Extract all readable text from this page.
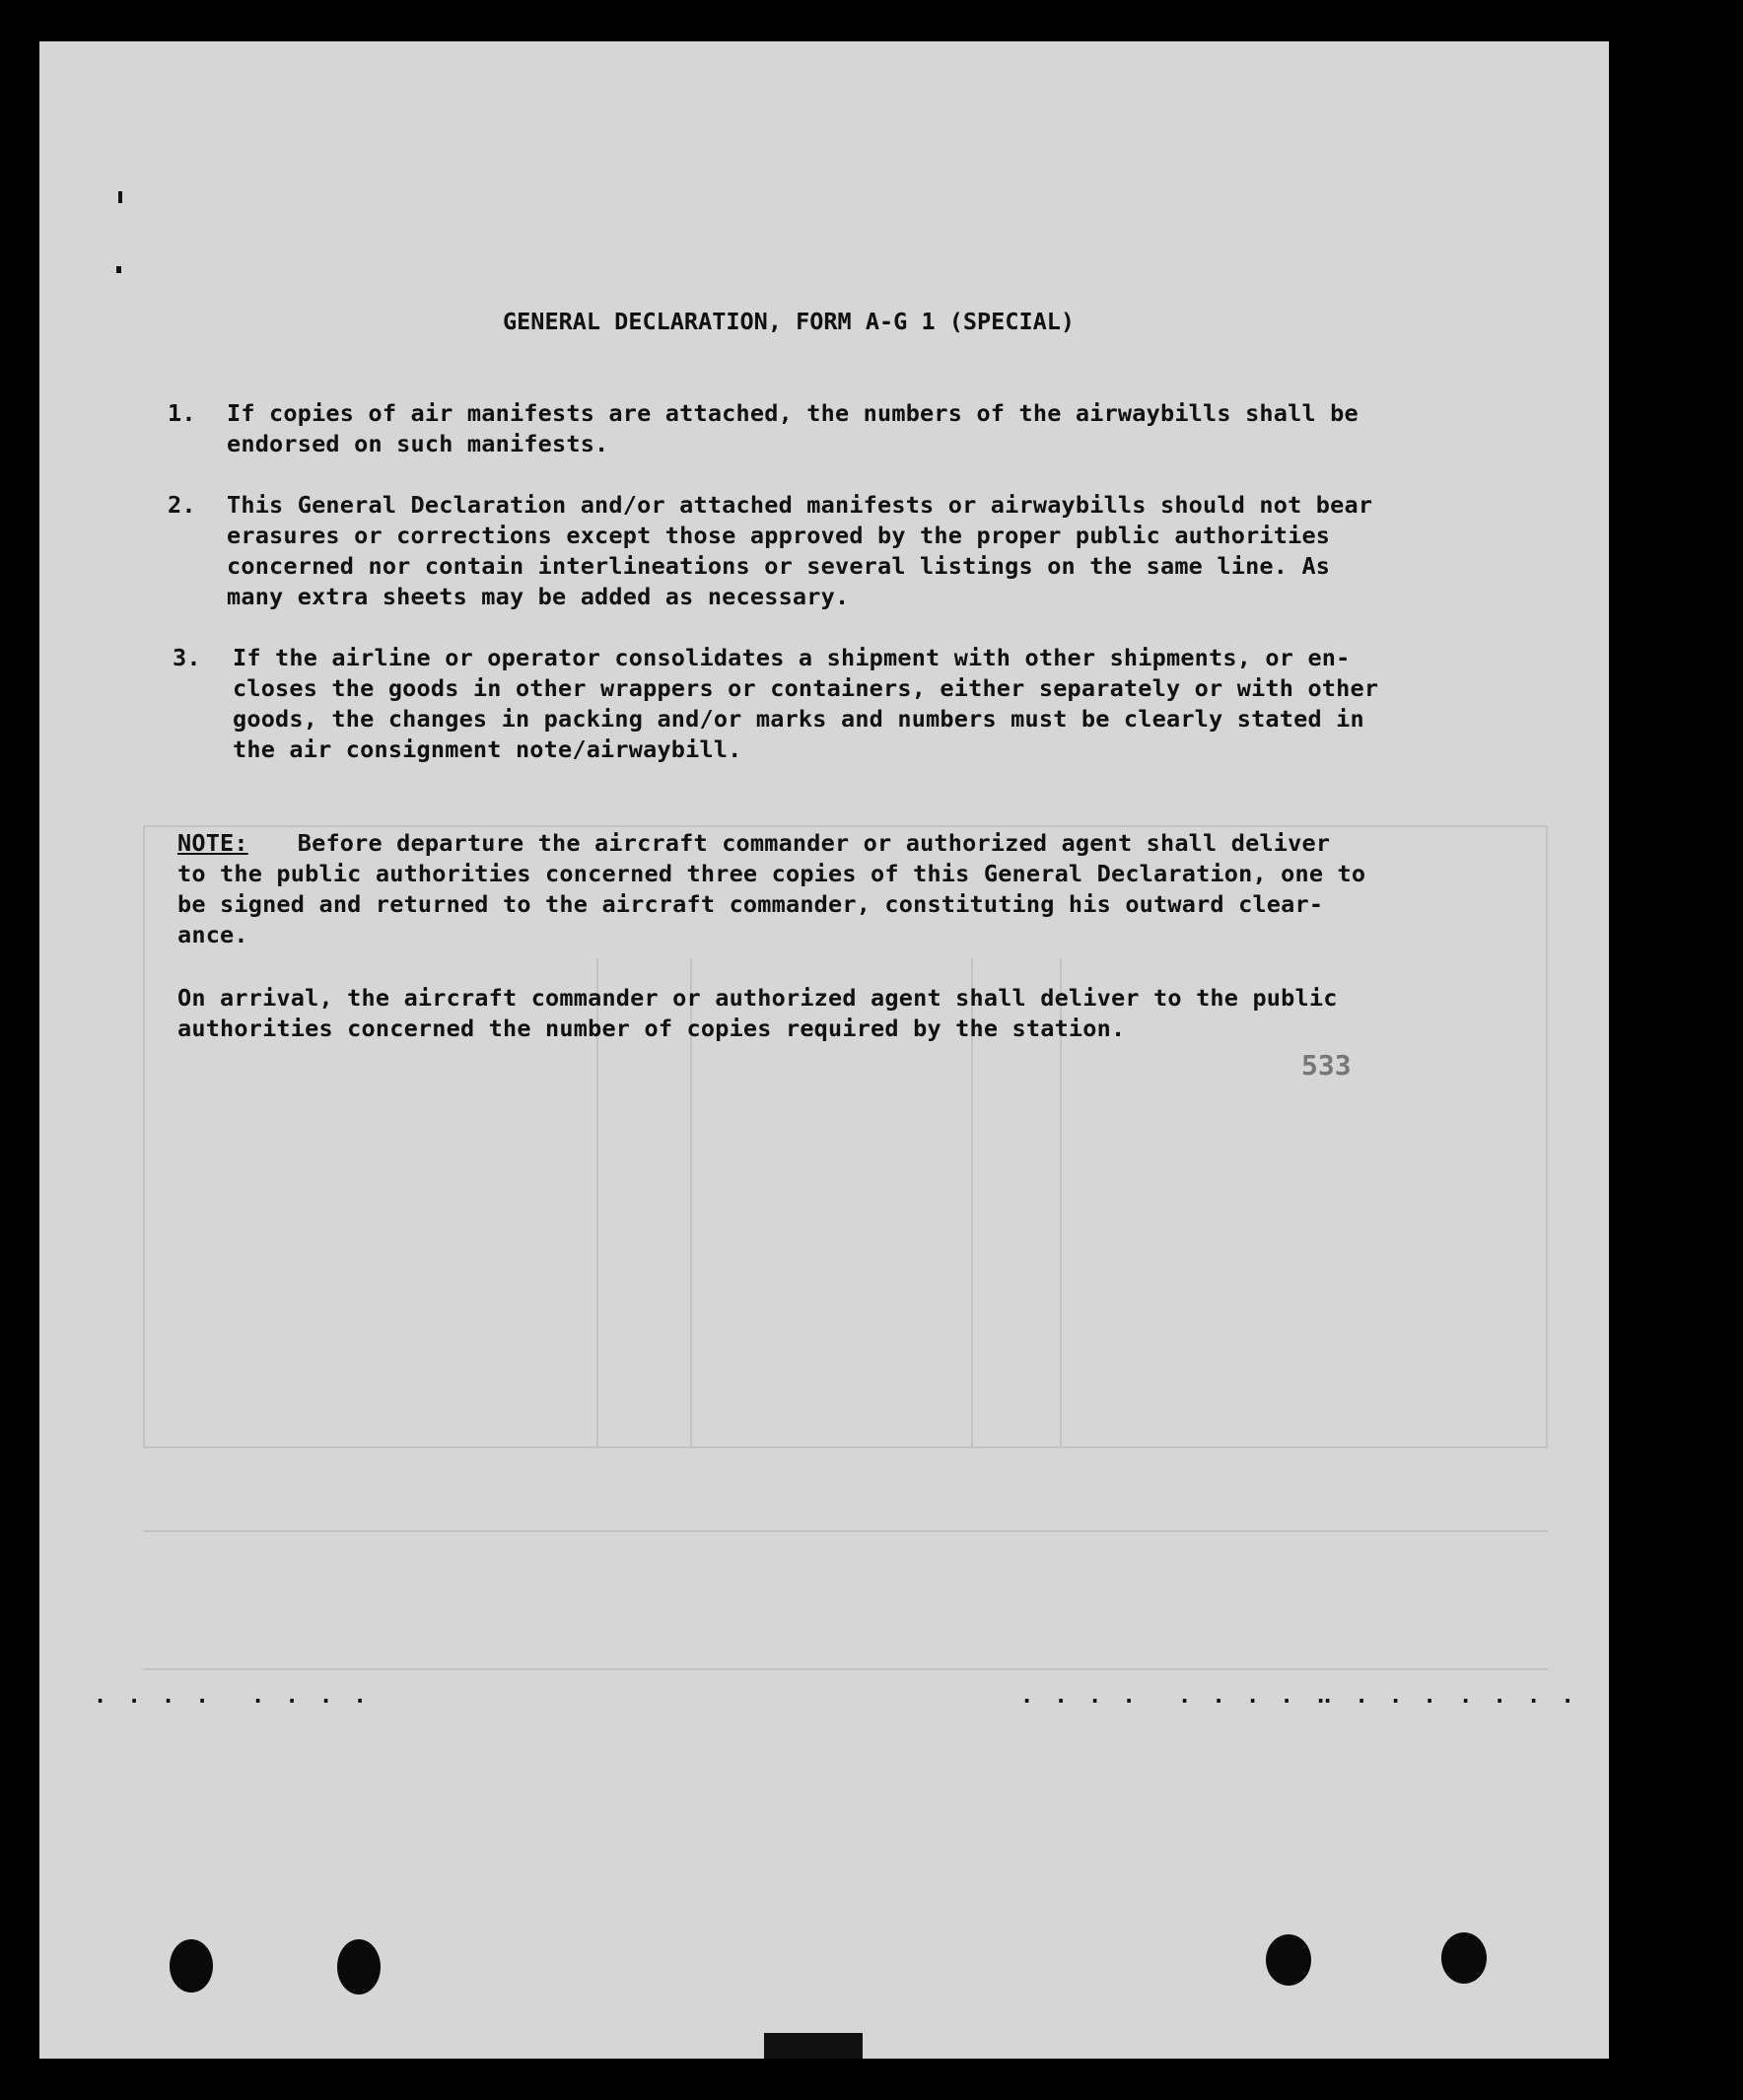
GENERAL DECLARATION, FORM A-G 1 (SPECIAL)
1. If copies of air manifests are attached, the numbers of the airwaybills shall be
endorsed on such manifests.
2. This General Declaration and/or attached manifests or airwaybills should not bear
erasures or corrections except those approved by the proper public authorities
concerned nor contain interlineations or several listings on the same line. As
many extra sheets may be added as necessary.
3. If the airline or operator consolidates a shipment with other shipments, or en-
closes the goods in other wrappers or containers, either separately or with other
goods, the changes in packing and/or marks and numbers must be clearly stated in
the air consignment note/airwaybill.
NOTE: Before departure the aircraft commander or authorized agent shall deliver
to the public authorities concerned three copies of this General Declaration, one to
be signed and returned to the aircraft commander, constituting his outward clear-
ance.
On arrival, the aircraft commander or authorized agent shall deliver to the public
authorities concerned the number of copies required by the station.
533
· · · · · · · ·	· · · · · · · · ·
· · · · · · · ·
